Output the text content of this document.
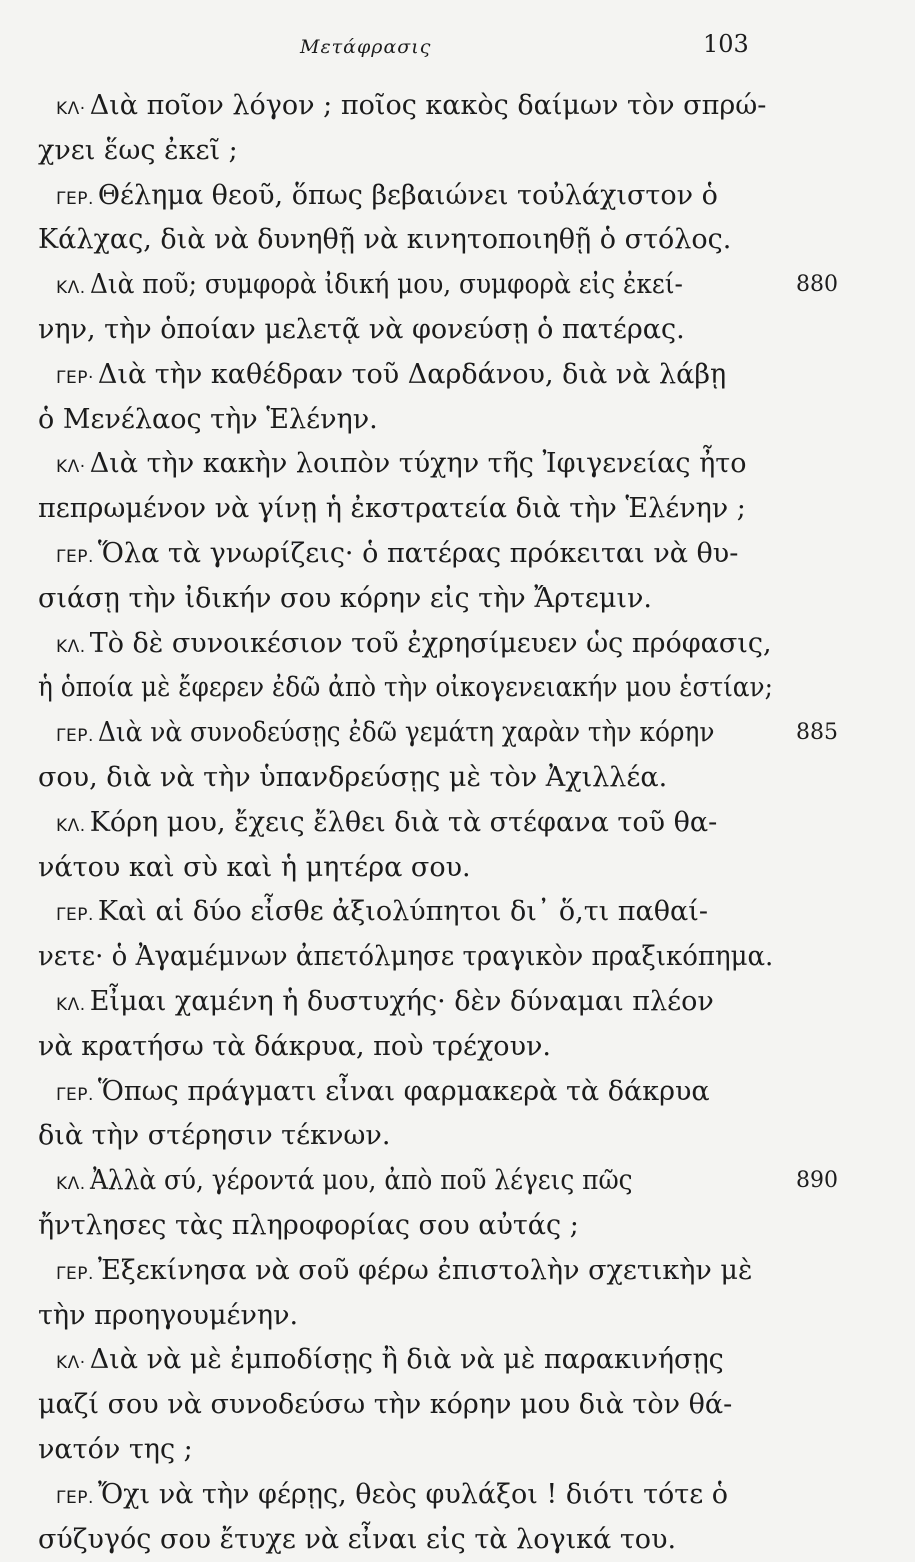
Μετάφρασις	103
ΚΛ· Διὰ ποῖον λόγον ; ποῖος κακὸς δαίμων τὸν σπρώ-
χνει ἕως ἐκεῖ ;
ΓΕΡ. Θέλημα θεοῦ, ὅπως βεβαιώνει τοὐλάχιστον ὁ
Κάλχας, διὰ νὰ δυνηθῇ νὰ κινητοποιηθῇ ὁ στόλος.
ΚΛ. Διὰ ποῦ; συμφορὰ ἰδική μου, συμφορὰ εἰς ἐκεί-	880
νην, τὴν ὁποίαν μελετᾷ νὰ φονεύσῃ ὁ πατέρας.
ΓΕΡ· Διὰ τὴν καθέδραν τοῦ Δαρδάνου, διὰ νὰ λάβῃ
ὁ Μενέλαος τὴν Ἑλένην.
ΚΛ· Διὰ τὴν κακὴν λοιπὸν τύχην τῆς Ἰφιγενείας ἦτο
πεπρωμένον νὰ γίνῃ ἡ ἐκστρατεία διὰ τὴν Ἑλένην ;
ΓΕΡ. Ὅλα τὰ γνωρίζεις· ὁ πατέρας πρόκειται νὰ θυ-
σιάσῃ τὴν ἰδικήν σου κόρην εἰς τὴν Ἄρτεμιν.
ΚΛ. Τὸ δὲ συνοικέσιον τοῦ ἐχρησίμευεν ὡς πρόφασις,
ἡ ὁποία μὲ ἔφερεν ἐδῶ ἀπὸ τὴν οἰκογενειακήν μου ἑστίαν;
ΓΕΡ. Διὰ νὰ συνοδεύσῃς ἐδῶ γεμάτη χαρὰν τὴν κόρην	885
σου, διὰ νὰ τὴν ὑπανδρεύσῃς μὲ τὸν Ἀχιλλέα.
ΚΛ. Κόρη μου, ἔχεις ἔλθει διὰ τὰ στέφανα τοῦ θα-
νάτου καὶ σὺ καὶ ἡ μητέρα σου.
ΓΕΡ. Καὶ αἱ δύο εἶσθε ἀξιολύπητοι δι᾽ ὅ,τι παθαί-
νετε· ὁ Ἀγαμέμνων ἀπετόλμησε τραγικὸν πραξικόπημα.
ΚΛ. Εἶμαι χαμένη ἡ δυστυχής· δὲν δύναμαι πλέον
νὰ κρατήσω τὰ δάκρυα, ποὺ τρέχουν.
ΓΕΡ. Ὅπως πράγματι εἶναι φαρμακερὰ τὰ δάκρυα
διὰ τὴν στέρησιν τέκνων.
ΚΛ. Ἀλλὰ σύ, γέροντά μου, ἀπὸ ποῦ λέγεις πῶς	890
ἤντλησες τὰς πληροφορίας σου αὐτάς ;
ΓΕΡ. Ἐξεκίνησα νὰ σοῦ φέρω ἐπιστολὴν σχετικὴν μὲ
τὴν προηγουμένην.
ΚΛ· Διὰ νὰ μὲ ἐμποδίσῃς ἢ διὰ νὰ μὲ παρακινήσῃς
μαζί σου νὰ συνοδεύσω τὴν κόρην μου διὰ τὸν θά-
νατόν της ;
ΓΕΡ. Ὄχι νὰ τὴν φέρῃς, θεὸς φυλάξοι ! διότι τότε ὁ
σύζυγός σου ἔτυχε νὰ εἶναι εἰς τὰ λογικά του.
